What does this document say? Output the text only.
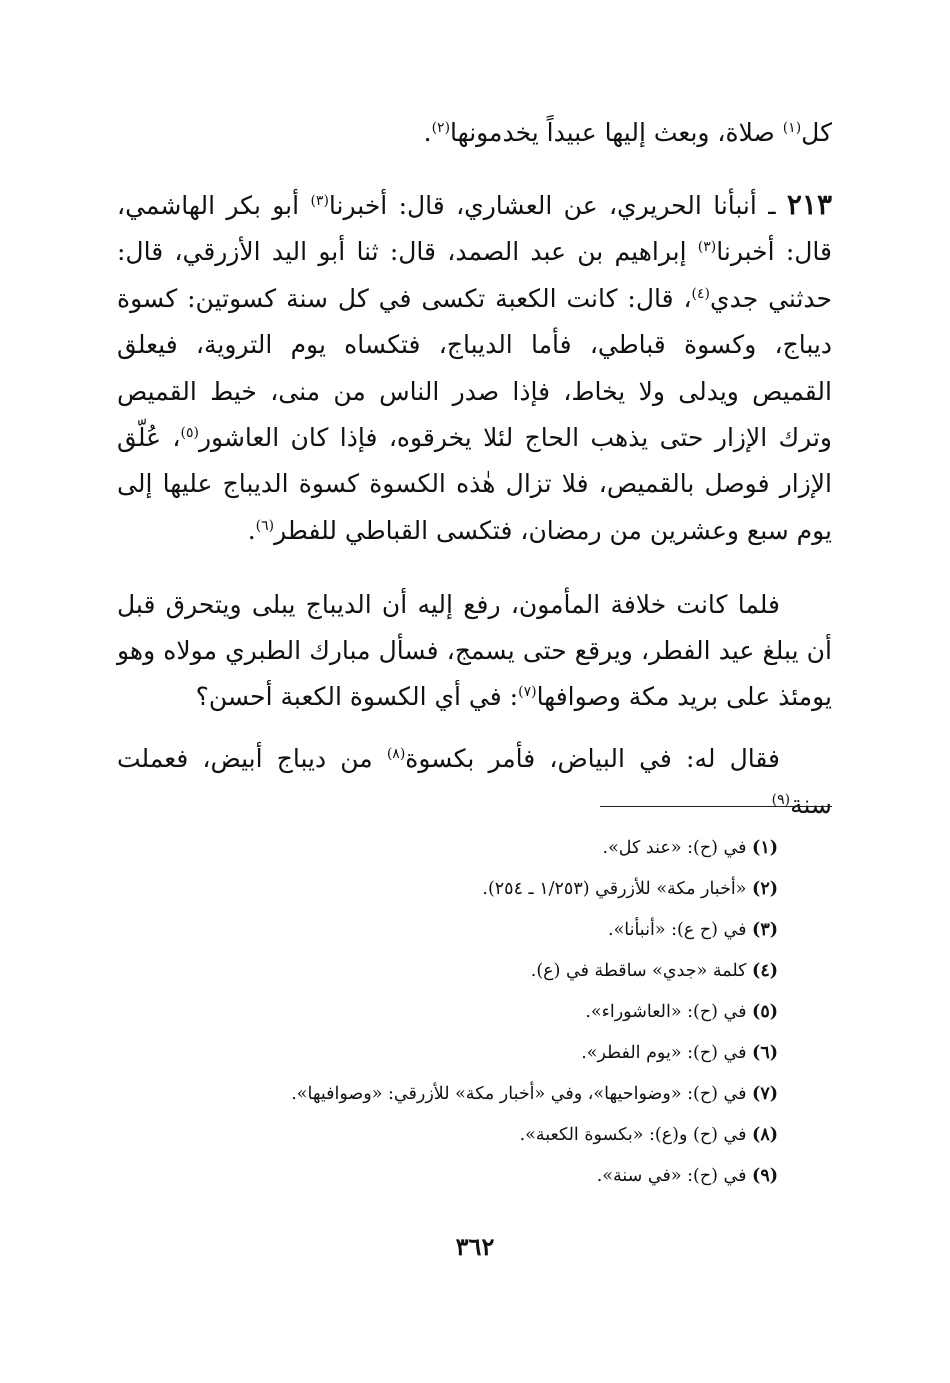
كل$^{(١)}$ صلاة، وبعث إليها عبيداً يخدمونها$^{(٢)}$.
٢١٣ ـ أنبأنا الحريري، عن العشاري، قال: أخبرنا$^{(٣)}$ أبو بكر الهاشمي، قال: أخبرنا$^{(٣)}$ إبراهيم بن عبد الصمد، قال: ثنا أبو اليد الأزرقي، قال: حدثني جدي$^{(٤)}$، قال: كانت الكعبة تكسى في كل سنة كسوتين: كسوة ديباج، وكسوة قباطي، فأما الديباج، فتكساه يوم التروية، فيعلق القميص ويدلى ولا يخاط، فإذا صدر الناس من منى، خيط القميص وترك الإزار حتى يذهب الحاج لئلا يخرقوه، فإذا كان العاشور$^{(٥)}$، عُلّق الإزار فوصل بالقميص، فلا تزال هٰذه الكسوة كسوة الديباج عليها إلى يوم سبع وعشرين من رمضان، فتكسى القباطي للفطر$^{(٦)}$.
فلما كانت خلافة المأمون، رفع إليه أن الديباج يبلى ويتحرق قبل أن يبلغ عيد الفطر، ويرقع حتى يسمج، فسأل مبارك الطبري مولاه وهو يومئذ على بريد مكة وصوافها$^{(٧)}$: في أي الكسوة الكعبة أحسن؟
فقال له: في البياض، فأمر بكسوة$^{(٨)}$ من ديباج أبيض، فعملت سنة$^{(٩)}$
(١) في (ح): «عند كل».
(٢) «أخبار مكة» للأزرقي (١/٢٥٣ ـ ٢٥٤).
(٣) في (ح ع): «أنبأنا».
(٤) كلمة «جدي» ساقطة في (ع).
(٥) في (ح): «العاشوراء».
(٦) في (ح): «يوم الفطر».
(٧) في (ح): «وضواحيها»، وفي «أخبار مكة» للأزرقي: «وصوافيها».
(٨) في (ح) و(ع): «بكسوة الكعبة».
(٩) في (ح): «في سنة».
٣٦٢
